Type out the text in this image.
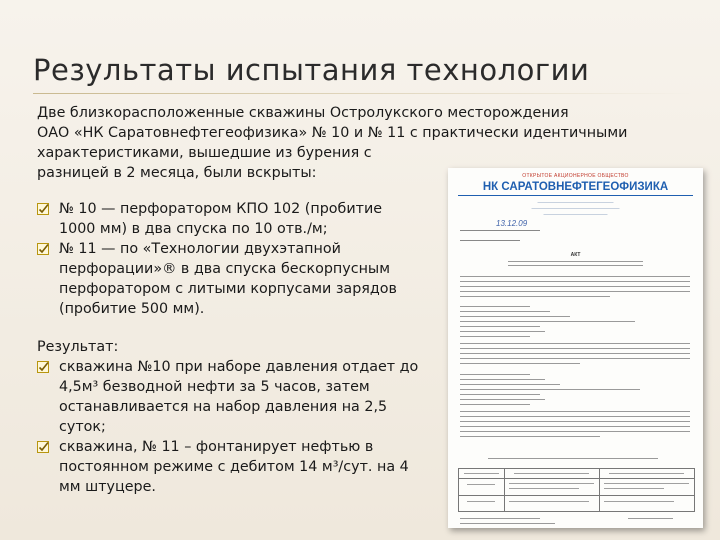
Результаты испытания технологии
Две близкорасположенные скважины Остролукского месторождения
ОАО «НК Саратовнефтегеофизика» № 10 и № 11 с практически идентичными
характеристиками, вышедшие из бурения с
разницей в 2 месяца, были вскрыты:
№ 10 — перфоратором КПО 102 (пробитие
1000 мм) в два спуска по 10 отв./м;
№ 11 — по «Технологии двухэтапной
перфорации»® в два спуска бескорпусным
перфоратором с литыми корпусами зарядов
(пробитие 500 мм).
Результат:
скважина №10 при наборе давления отдает до
4,5м³ безводной нефти за 5 часов, затем
останавливается на набор давления на 2,5
суток;
скважина, № 11 – фонтанирует нефтью в
постоянном режиме с дебитом 14 м³/сут. на 4
мм штуцере.
ОТКРЫТОЕ АКЦИОНЕРНОЕ ОБЩЕСТВО
НК САРАТОВНЕФТЕГЕОФИЗИКА
———————————————————
——————————————————————
————————————————
13.12.09
АКТ
